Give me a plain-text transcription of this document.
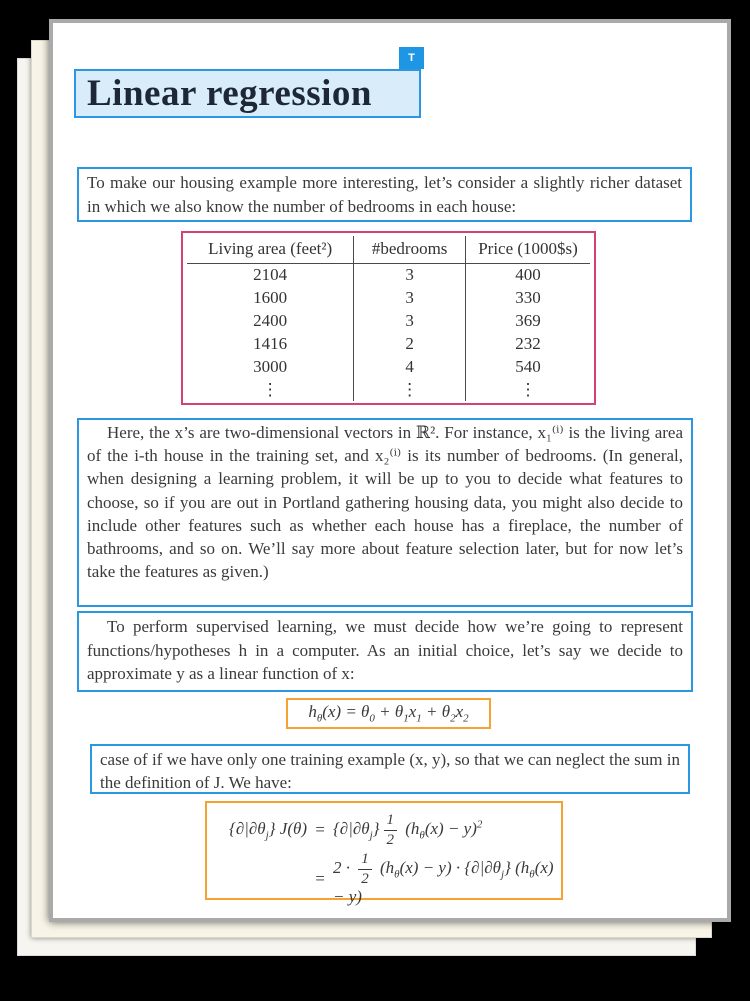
T
Linear regression
To make our housing example more interesting, let’s consider a slightly richer dataset in which we also know the number of bedrooms in each house:
Living area (feet²)	#bedrooms	Price (1000$s)
2104	3	400
1600	3	330
2400	3	369
1416	2	232
3000	4	540
⋮	⋮	⋮
Here, the x’s are two-dimensional vectors in ℝ². For instance, x₁⁽ⁱ⁾ is the living area of the i-th house in the training set, and x₂⁽ⁱ⁾ is its number of bedrooms. (In general, when designing a learning problem, it will be up to you to decide what features to choose, so if you are out in Portland gathering housing data, you might also decide to include other features such as whether each house has a fireplace, the number of bathrooms, and so on. We’ll say more about feature selection later, but for now let’s take the features as given.)
To perform supervised learning, we must decide how we’re going to represent functions/hypotheses h in a computer. As an initial choice, let’s say we decide to approximate y as a linear function of x:
$h_\theta(x) = \theta_0 + \theta_1x_1 + \theta_2x_2$
case of if we have only one training example (x, y), so that we can neglect the sum in the definition of J. We have:
$\{\partial|\partial\theta_j\} J(\theta) = \{\partial|\partial\theta_j\} \frac{1}{2} (h_\theta(x) - y)^2$
=
$2 \cdot \frac{1}{2} (h_\theta(x) - y) \cdot \{\partial|\partial\theta_j\} (h_\theta(x) - y)$
